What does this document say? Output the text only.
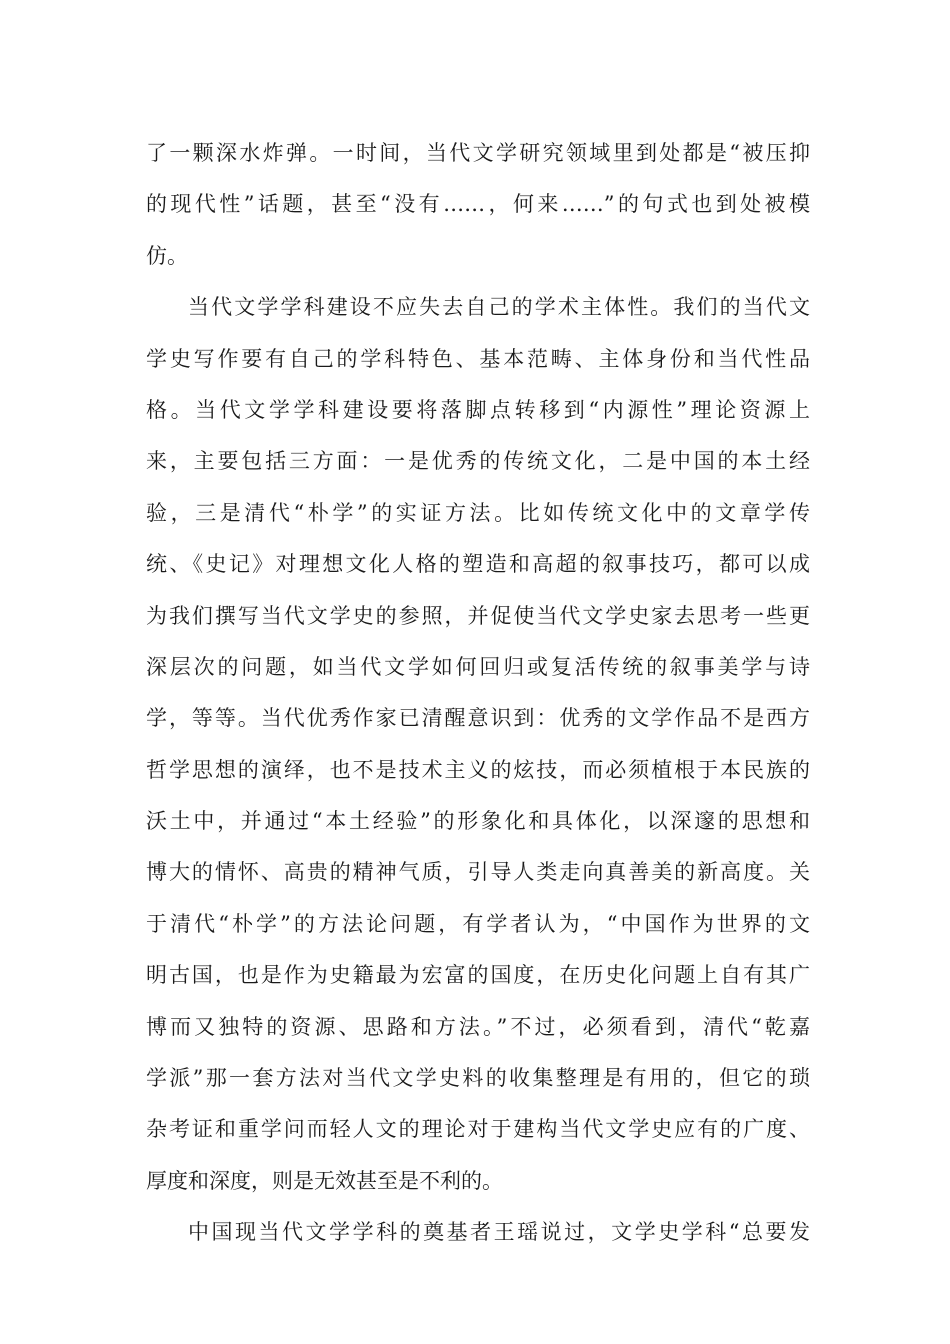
了一颗深水炸弹。一时间，当代文学研究领域里到处都是“被压抑
的现代性”话题，甚至“没有……，何来……”的句式也到处被模
仿。
当代文学学科建设不应失去自己的学术主体性。我们的当代文
学史写作要有自己的学科特色、基本范畴、主体身份和当代性品
格。当代文学学科建设要将落脚点转移到“内源性”理论资源上
来，主要包括三方面：一是优秀的传统文化，二是中国的本土经
验，三是清代“朴学”的实证方法。比如传统文化中的文章学传
统、《史记》对理想文化人格的塑造和高超的叙事技巧，都可以成
为我们撰写当代文学史的参照，并促使当代文学史家去思考一些更
深层次的问题，如当代文学如何回归或复活传统的叙事美学与诗
学，等等。当代优秀作家已清醒意识到：优秀的文学作品不是西方
哲学思想的演绎，也不是技术主义的炫技，而必须植根于本民族的
沃土中，并通过“本土经验”的形象化和具体化，以深邃的思想和
博大的情怀、高贵的精神气质，引导人类走向真善美的新高度。关
于清代“朴学”的方法论问题，有学者认为，“中国作为世界的文
明古国，也是作为史籍最为宏富的国度，在历史化问题上自有其广
博而又独特的资源、思路和方法。”不过，必须看到，清代“乾嘉
学派”那一套方法对当代文学史料的收集整理是有用的，但它的琐
杂考证和重学问而轻人文的理论对于建构当代文学史应有的广度、
厚度和深度，则是无效甚至是不利的。
中国现当代文学学科的奠基者王瑶说过，文学史学科“总要发
